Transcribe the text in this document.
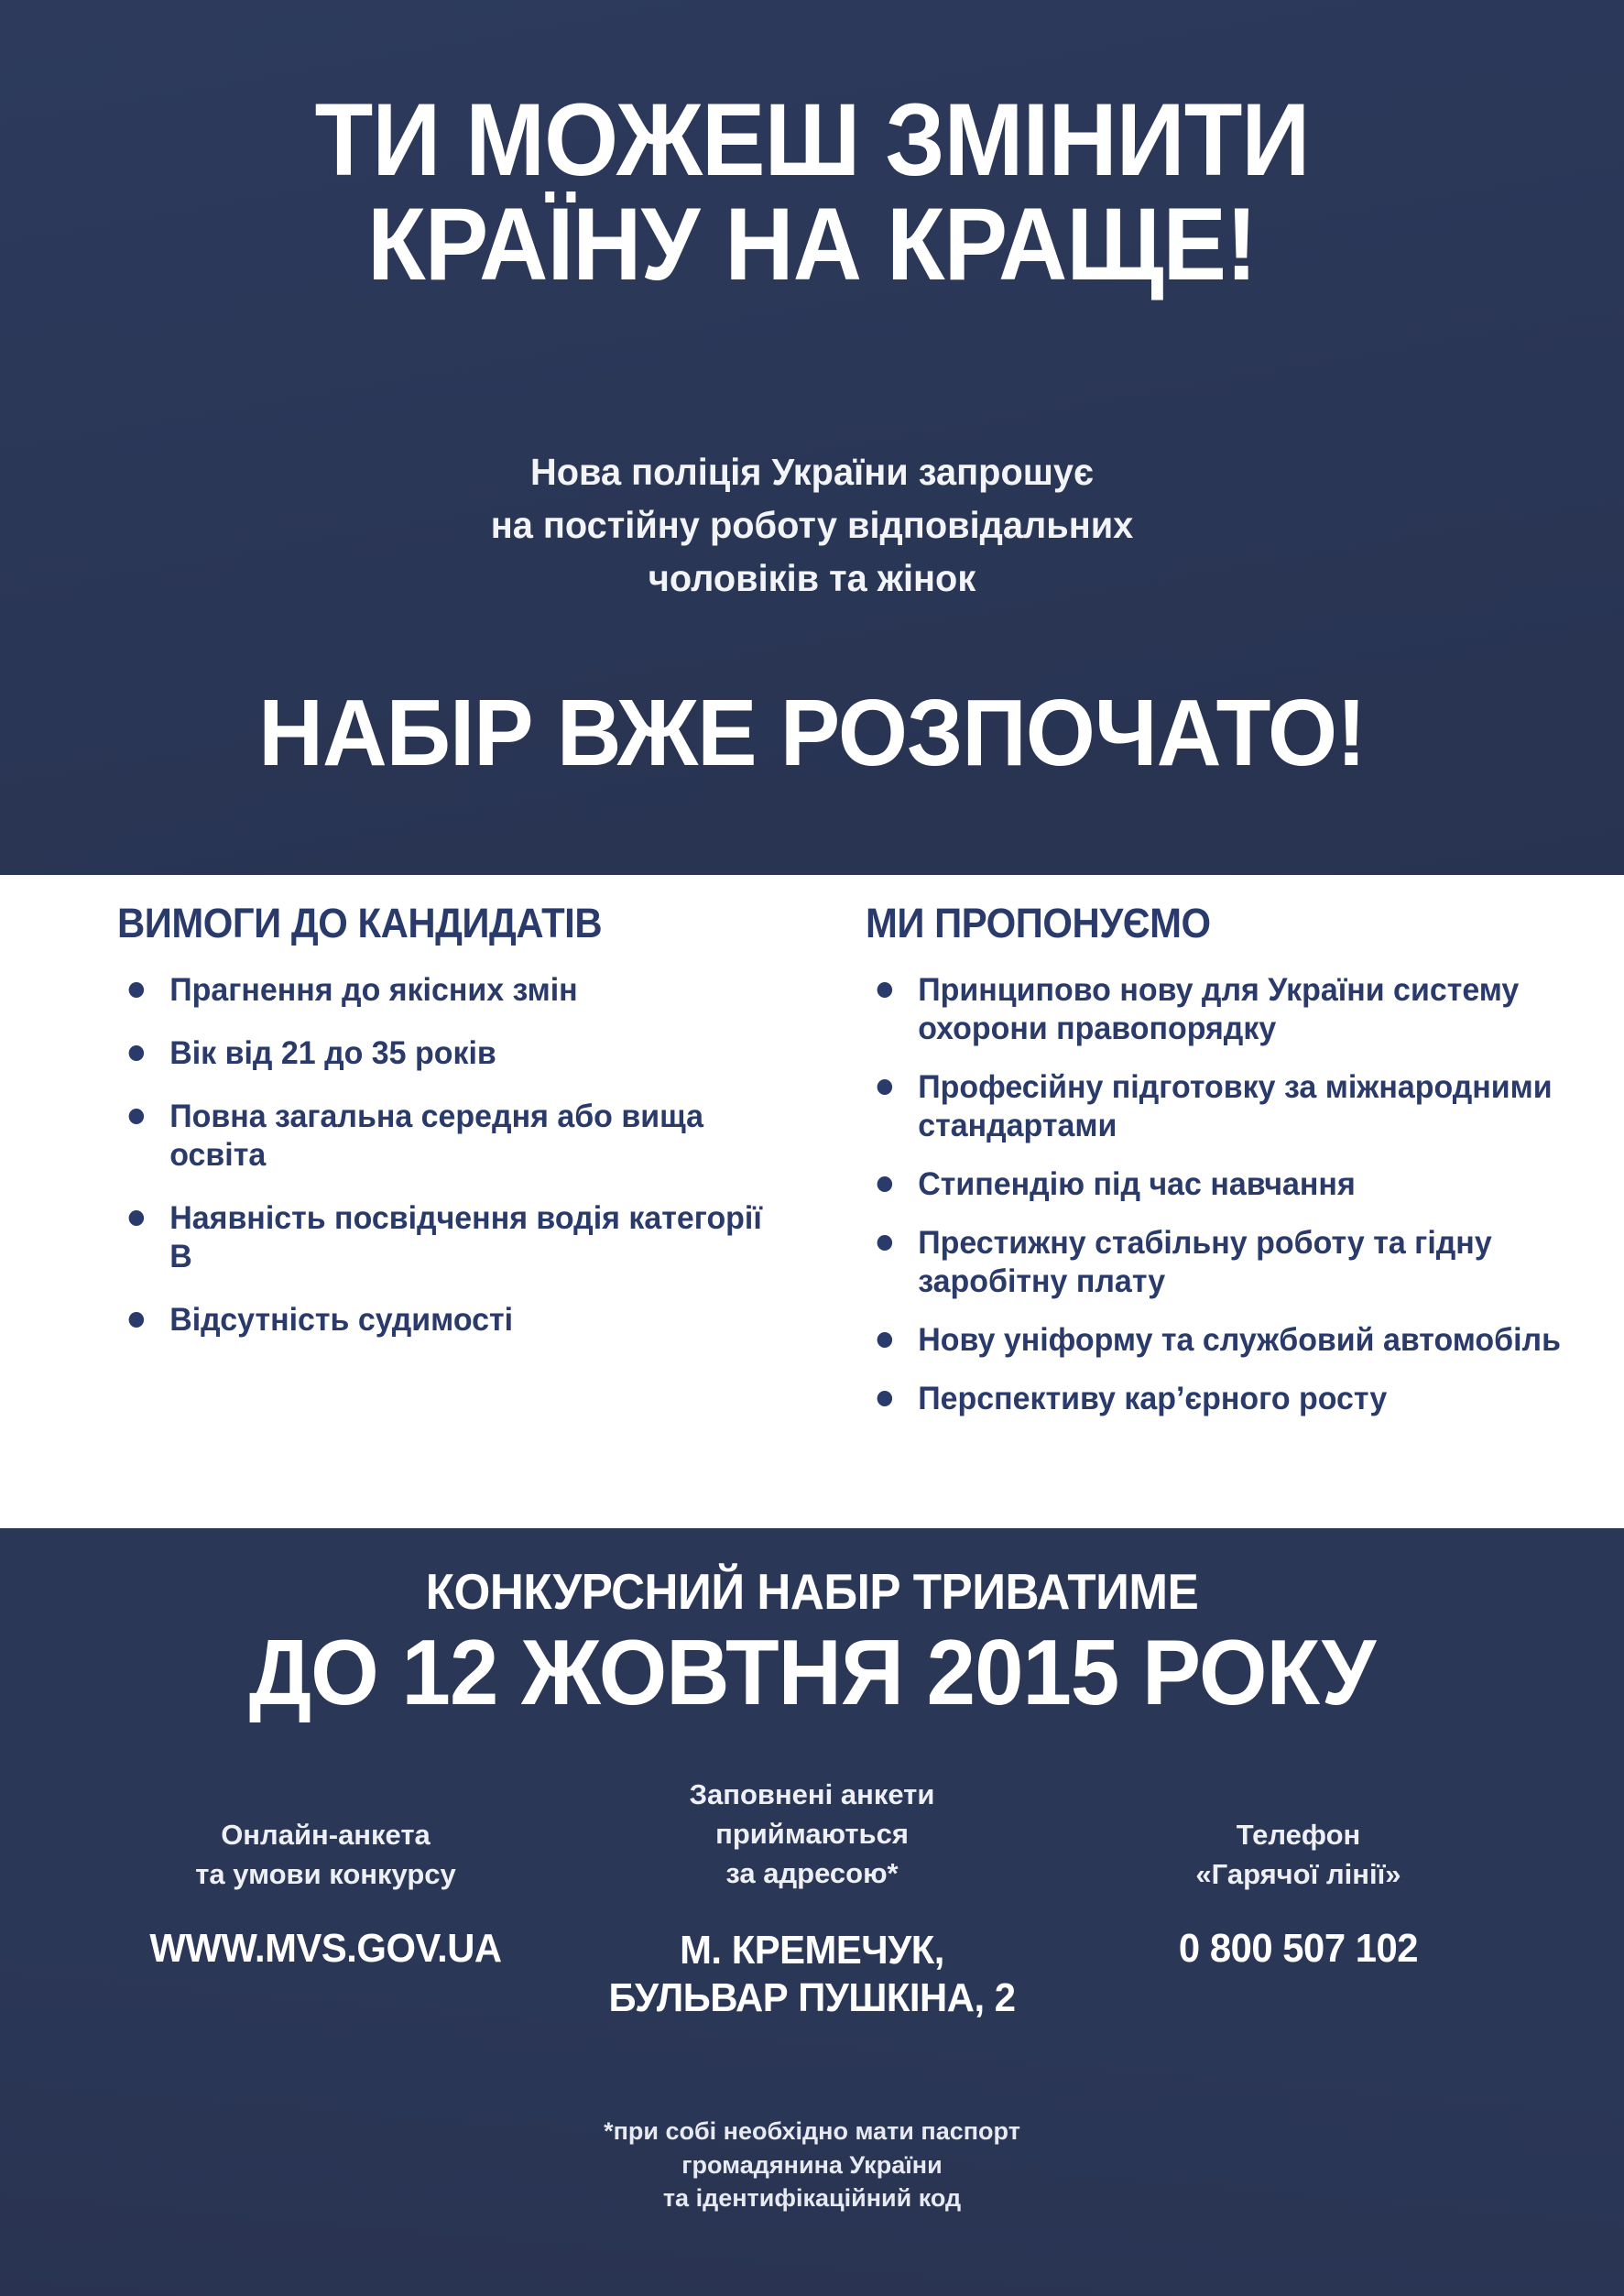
ТИ МОЖЕШ ЗМІНИТИ
КРАЇНУ НА КРАЩЕ!
Нова поліція України запрошує
на постійну роботу відповідальних
чоловіків та жінок
НАБІР ВЖЕ РОЗПОЧАТО!
ВИМОГИ ДО КАНДИДАТІВ
Прагнення до якісних змін
Вік від 21 до 35 років
Повна загальна середня або вища освіта
Наявність посвідчення водія категорії В
Відсутність судимості
МИ ПРОПОНУЄМО
Принципово нову для України систему охорони правопорядку
Професійну підготовку за міжнародними стандартами
Стипендію під час навчання
Престижну стабільну роботу та гідну заробітну плату
Нову уніформу та службовий автомобіль
Перспективу кар’єрного росту
КОНКУРСНИЙ НАБІР ТРИВАТИМЕ
ДО 12 ЖОВТНЯ 2015 РОКУ
Онлайн-анкета
та умови конкурсу
WWW.MVS.GOV.UA
Заповнені анкети
приймаються
за адресою*
М. КРЕМЕЧУК,
БУЛЬВАР ПУШКІНА, 2
Телефон
«Гарячої лінії»
0 800 507 102
*при собі необхідно мати паспорт
громадянина України
та ідентифікаційний код
